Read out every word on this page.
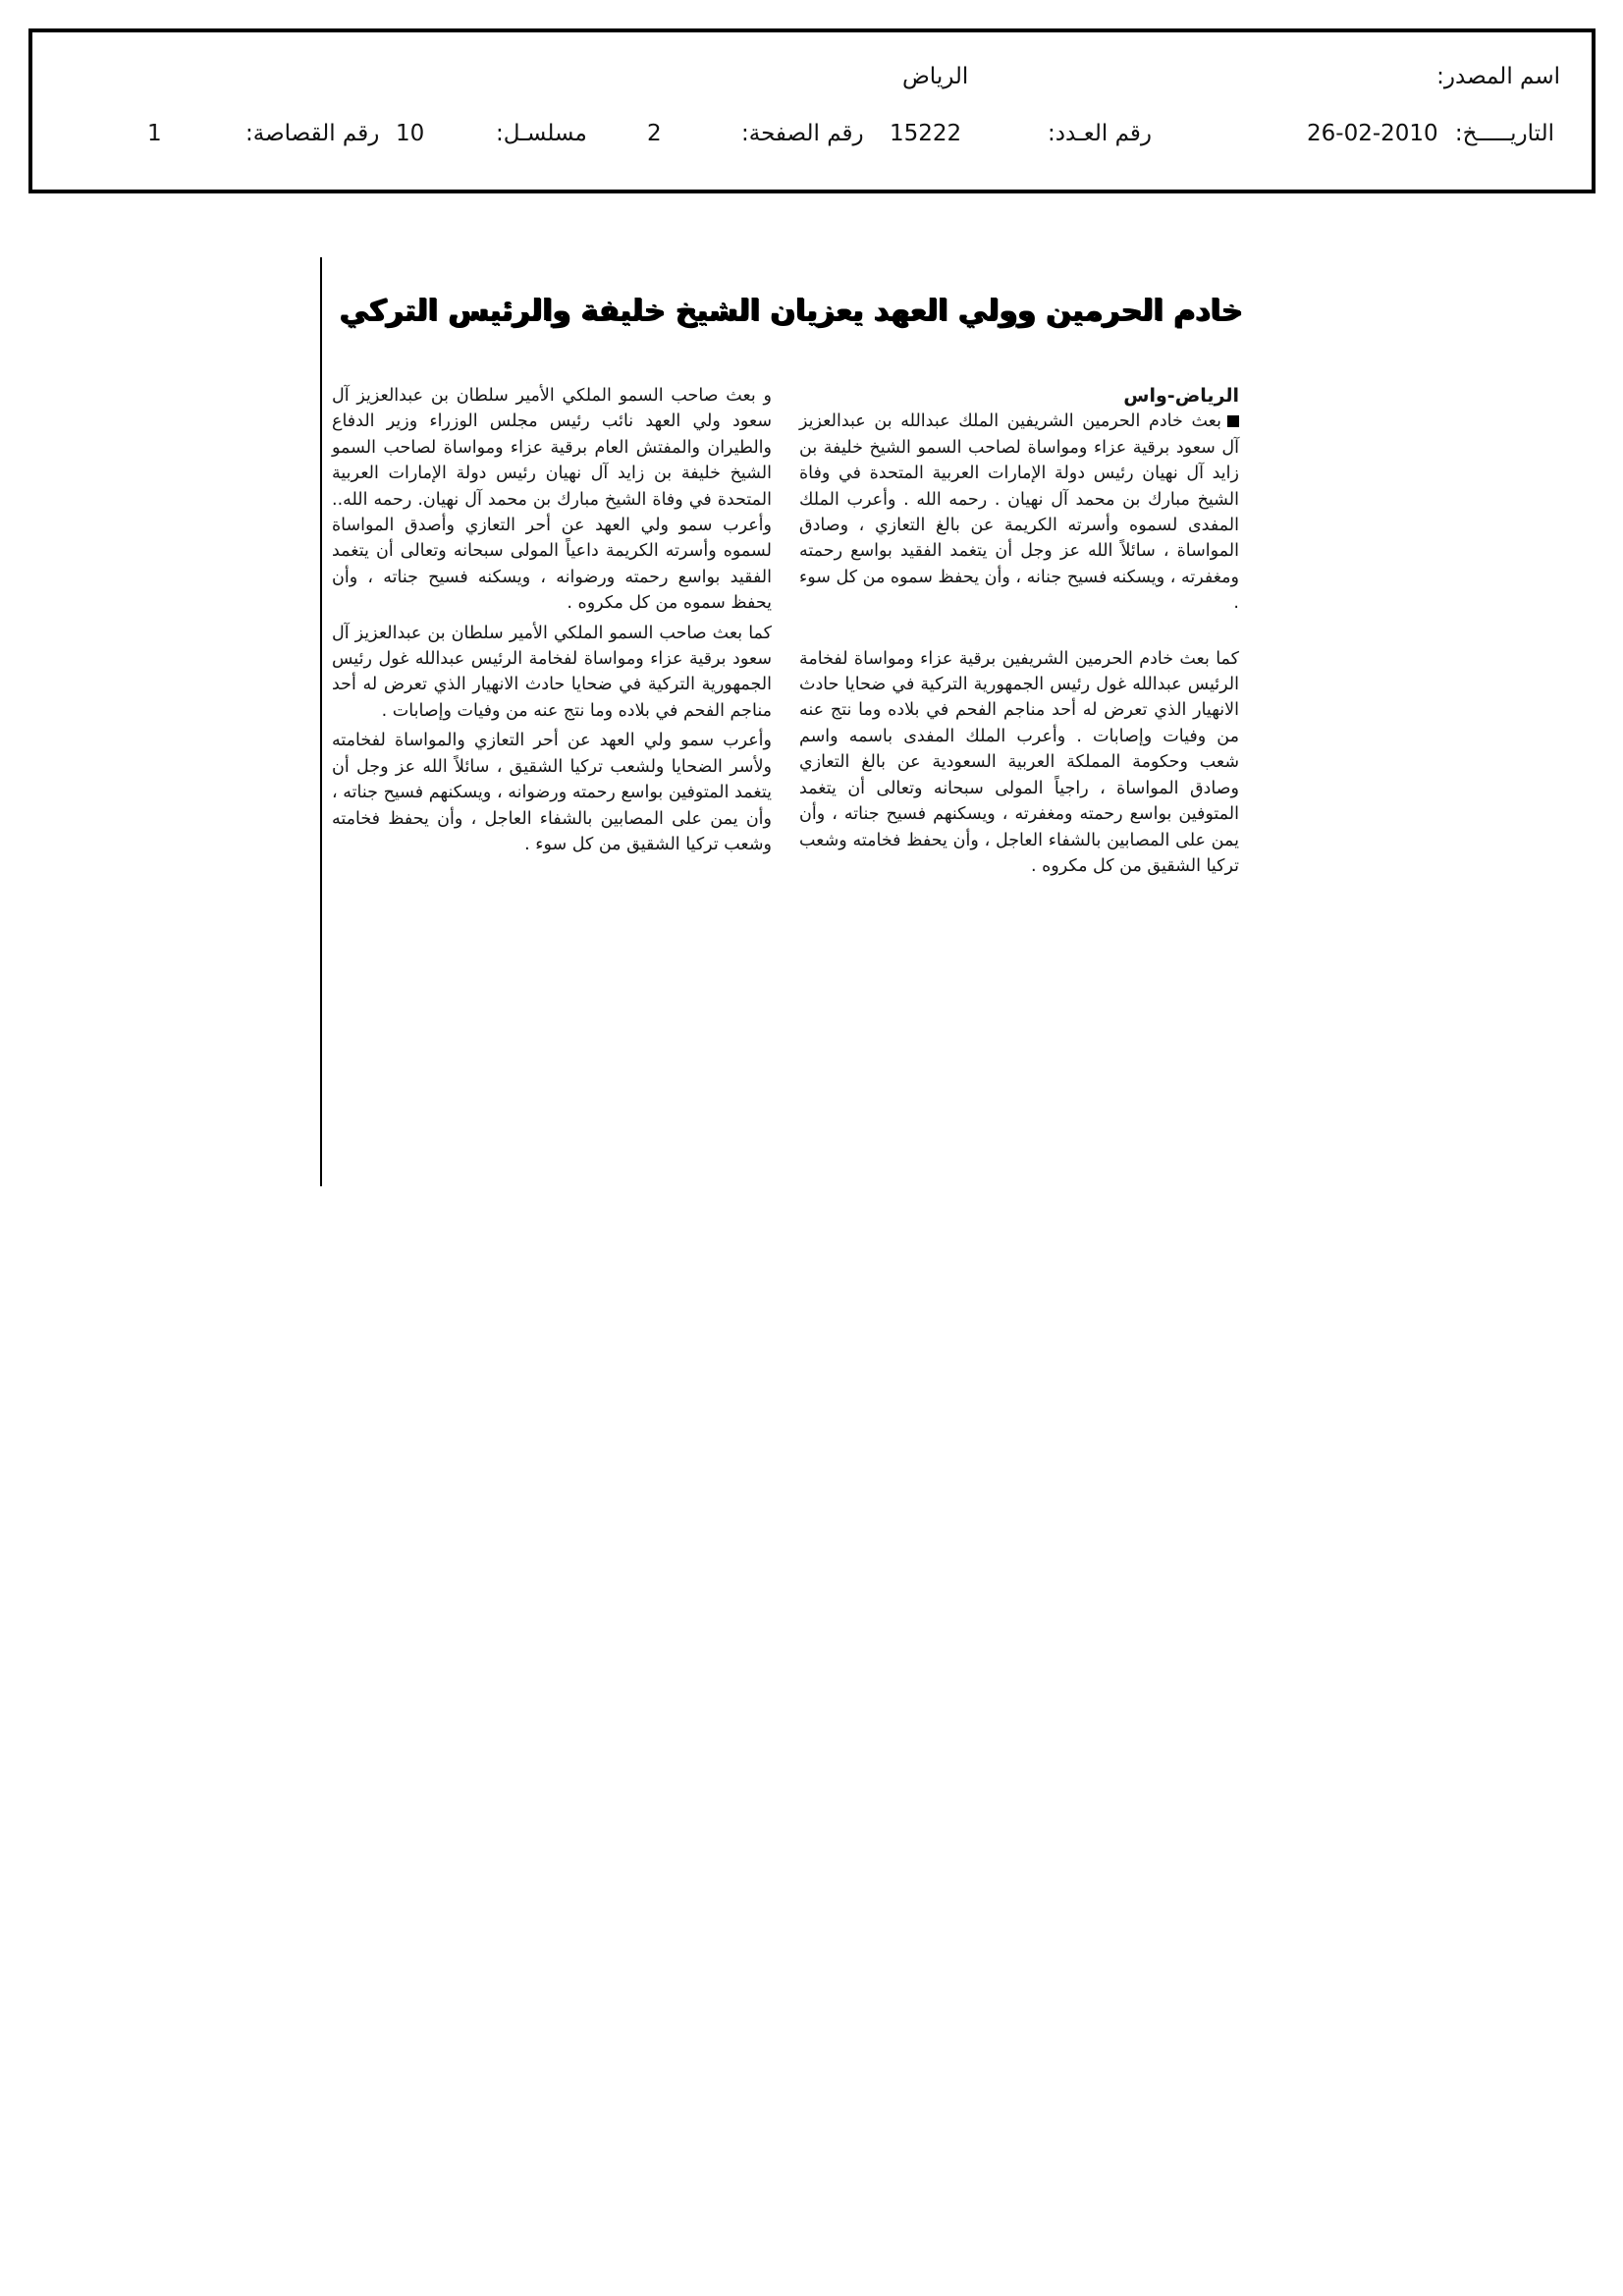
اسم المصدر:
الرياض
التاريـــــخ:
26-02-2010
رقم العـدد:
15222
رقم الصفحة:
2
مسلسـل:
10
رقم القصاصة:
1
خادم الحرمين وولي العهد يعزيان الشيخ خليفة والرئيس التركي
الرياض-واس

بعث خادم الحرمين الشريفين الملك عبدالله بن عبدالعزيز آل سعود برقية عزاء ومواساة لصاحب السمو الشيخ خليفة بن زايد آل نهيان رئيس دولة الإمارات العربية المتحدة في وفاة الشيخ مبارك بن محمد آل نهيان . رحمه الله . وأعرب الملك المفدى لسموه وأسرته الكريمة عن بالغ التعازي ، وصادق المواساة ، سائلاً الله عز وجل أن يتغمد الفقيد بواسع رحمته ومغفرته ، ويسكنه فسيح جنانه ، وأن يحفظ سموه من كل سوء .

كما بعث خادم الحرمين الشريفين برقية عزاء ومواساة لفخامة الرئيس عبدالله غول رئيس الجمهورية التركية في ضحايا حادث الانهيار الذي تعرض له أحد مناجم الفحم في بلاده وما نتج عنه من وفيات وإصابات . وأعرب الملك المفدى باسمه واسم شعب وحكومة المملكة العربية السعودية عن بالغ التعازي وصادق المواساة ، راجياً المولى سبحانه وتعالى أن يتغمد المتوفين بواسع رحمته ومغفرته ، ويسكنهم فسيح جناته ، وأن يمن على المصابين بالشفاء العاجل ، وأن يحفظ فخامته وشعب تركيا الشقيق من كل مكروه .

و بعث صاحب السمو الملكي الأمير سلطان بن عبدالعزيز آل سعود ولي العهد نائب رئيس مجلس الوزراء وزير الدفاع والطيران والمفتش العام برقية عزاء ومواساة لصاحب السمو الشيخ خليفة بن زايد آل نهيان رئيس دولة الإمارات العربية المتحدة في وفاة الشيخ مبارك بن محمد آل نهيان. رحمه الله.. وأعرب سمو ولي العهد عن أحر التعازي وأصدق المواساة لسموه وأسرته الكريمة داعياً المولى سبحانه وتعالى أن يتغمد الفقيد بواسع رحمته ورضوانه ، ويسكنه فسيح جناته ، وأن يحفظ سموه من كل مكروه .

كما بعث صاحب السمو الملكي الأمير سلطان بن عبدالعزيز آل سعود برقية عزاء ومواساة لفخامة الرئيس عبدالله غول رئيس الجمهورية التركية في ضحايا حادث الانهيار الذي تعرض له أحد مناجم الفحم في بلاده وما نتج عنه من وفيات وإصابات .

وأعرب سمو ولي العهد عن أحر التعازي والمواساة لفخامته ولأسر الضحايا ولشعب تركيا الشقيق ، سائلاً الله عز وجل أن يتغمد المتوفين بواسع رحمته ورضوانه ، ويسكنهم فسيح جناته ، وأن يمن على المصابين بالشفاء العاجل ، وأن يحفظ فخامته وشعب تركيا الشقيق من كل سوء .
